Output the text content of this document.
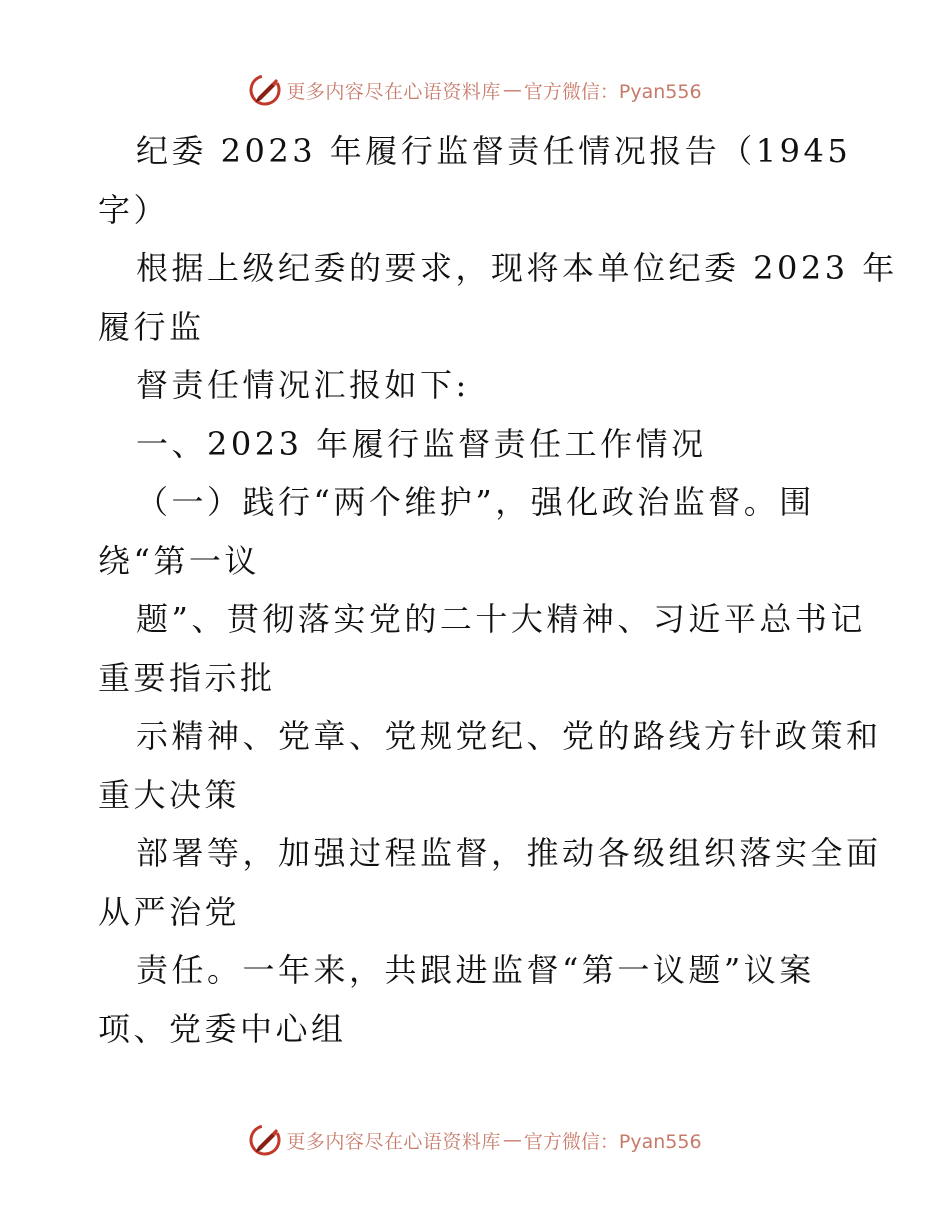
更多内容尽在心语资料库 — 官方微信：Pyan556
纪委 2023 年履行监督责任情况报告（1945
字）
根据上级纪委的要求，现将本单位纪委 2023 年
履行监
督责任情况汇报如下:
一、2023 年履行监督责任工作情况
（一）践行“两个维护”，强化政治监督。围
绕“第一议
题”、贯彻落实党的二十大精神、习近平总书记
重要指示批
示精神、党章、党规党纪、党的路线方针政策和
重大决策
部署等，加强过程监督，推动各级组织落实全面
从严治党
责任。一年来，共跟进监督“第一议题”议案
项、党委中心组
更多内容尽在心语资料库 — 官方微信：Pyan556
